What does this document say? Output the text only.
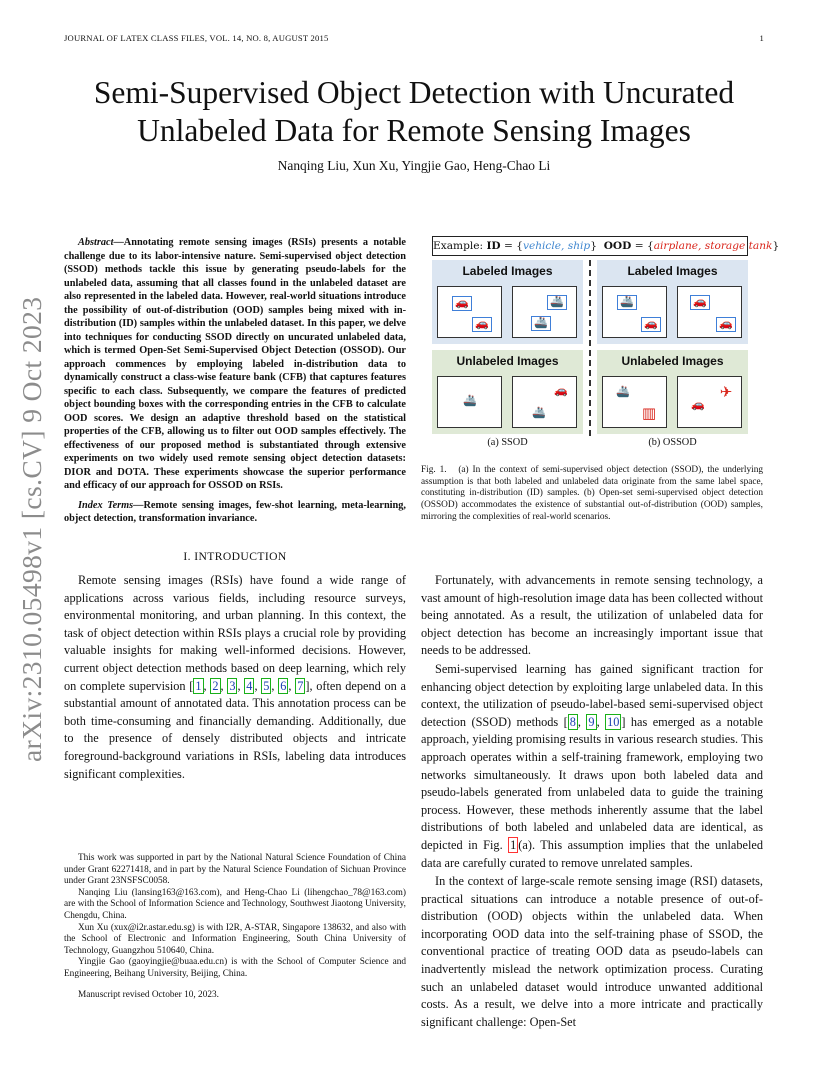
JOURNAL OF LATEX CLASS FILES, VOL. 14, NO. 8, AUGUST 2015	1
arXiv:2310.05498v1 [cs.CV] 9 Oct 2023
Semi-Supervised Object Detection with Uncurated Unlabeled Data for Remote Sensing Images
Nanqing Liu, Xun Xu, Yingjie Gao, Heng-Chao Li

Abstract—Annotating remote sensing images (RSIs) presents a notable challenge due to its labor-intensive nature. Semi-supervised object detection (SSOD) methods tackle this issue by generating pseudo-labels for the unlabeled data, assuming that all classes found in the unlabeled dataset are also represented in the labeled data. However, real-world situations introduce the possibility of out-of-distribution (OOD) samples being mixed with in-distribution (ID) samples within the unlabeled dataset. In this paper, we delve into techniques for conducting SSOD directly on uncurated unlabeled data, which is termed Open-Set Semi-Supervised Object Detection (OSSOD). Our approach commences by employing labeled in-distribution data to dynamically construct a class-wise feature bank (CFB) that captures features specific to each class. Subsequently, we compare the features of predicted object bounding boxes with the corresponding entries in the CFB to calculate OOD scores. We design an adaptive threshold based on the statistical properties of the CFB, allowing us to filter out OOD samples effectively. The effectiveness of our proposed method is substantiated through extensive experiments on two widely used remote sensing object detection datasets: DIOR and DOTA. These experiments showcase the superior performance and efficacy of our approach for OSSOD on RSIs.

Index Terms—Remote sensing images, few-shot learning, meta-learning, object detection, transformation invariance.

I. INTRODUCTION

Remote sensing images (RSIs) have found a wide range of applications across various fields, including resource surveys, environmental monitoring, and urban planning. In this context, the task of object detection within RSIs plays a crucial role by providing valuable insights for making well-informed decisions. However, current object detection methods based on deep learning, which rely on complete supervision [ 1 , 2 , 3 , 4 , 5 , 6 , 7 ], often depend on a substantial amount of annotated data. This annotation process can be both time-consuming and financially demanding. Additionally, due to the presence of densely distributed objects and intricate foreground-background variations in RSIs, labeling data introduces significant complexities.

This work was supported in part by the National Natural Science Foundation of China under Grant 62271418, and in part by the Natural Science Foundation of Sichuan Province under Grant 23NSFSC0058.

Nanqing Liu (lansing163@163.com), and Heng-Chao Li (lihengchao_78@163.com) are with the School of Information Science and Technology, Southwest Jiaotong University, Chengdu, China.

Xun Xu (xux@i2r.astar.edu.sg) is with I2R, A-STAR, Singapore 138632, and also with the School of Electronic and Information Engineering, South China University of Technology, Guangzhou 510640, China.

Yingjie Gao (gaoyingjie@buaa.edu.cn) is with the School of Computer Science and Engineering, Beihang University, Beijing, China.

Manuscript revised October 10, 2023.

Example: ID = {vehicle, ship}  OOD = {airplane, storage tank}
Labeled Images
🚗
🚗
🚢
🚢
Labeled Images
🚢
🚗
🚗
🚗
Unlabeled Images
🚢
🚗
🚢
Unlabeled Images
🚢
▥
🚗
✈
(a) SSOD	(b) OSSOD

Fig. 1. (a) In the context of semi-supervised object detection (SSOD), the underlying assumption is that both labeled and unlabeled data originate from the same label space, constituting in-distribution (ID) samples. (b) Open-set semi-supervised object detection (OSSOD) accommodates the existence of substantial out-of-distribution (OOD) samples, mirroring the complexities of real-world scenarios.

Fortunately, with advancements in remote sensing technology, a vast amount of high-resolution image data has been collected without being annotated. As a result, the utilization of unlabeled data for object detection has become an increasingly important issue that needs to be addressed.

Semi-supervised learning has gained significant traction for enhancing object detection by exploiting large unlabeled data. In this context, the utilization of pseudo-label-based semi-supervised object detection (SSOD) methods [ 8 , 9 , 10 ] has emerged as a notable approach, yielding promising results in various research studies. This approach operates within a self-training framework, employing two networks simultaneously. It draws upon both labeled data and pseudo-labels generated from unlabeled data to guide the training process. However, these methods inherently assume that the label distributions of both labeled and unlabeled data are identical, as depicted in Fig. 1 (a). This assumption implies that the unlabeled data are carefully curated to remove unrelated samples.

In the context of large-scale remote sensing image (RSI) datasets, practical situations can introduce a notable presence of out-of-distribution (OOD) objects within the unlabeled data. When incorporating OOD data into the self-training phase of SSOD, the conventional practice of treating OOD data as pseudo-labels can inadvertently mislead the network optimization process. Curating such an unlabeled dataset would introduce unwanted additional costs. As a result, we delve into a more intricate and practically significant challenge: Open-Set
